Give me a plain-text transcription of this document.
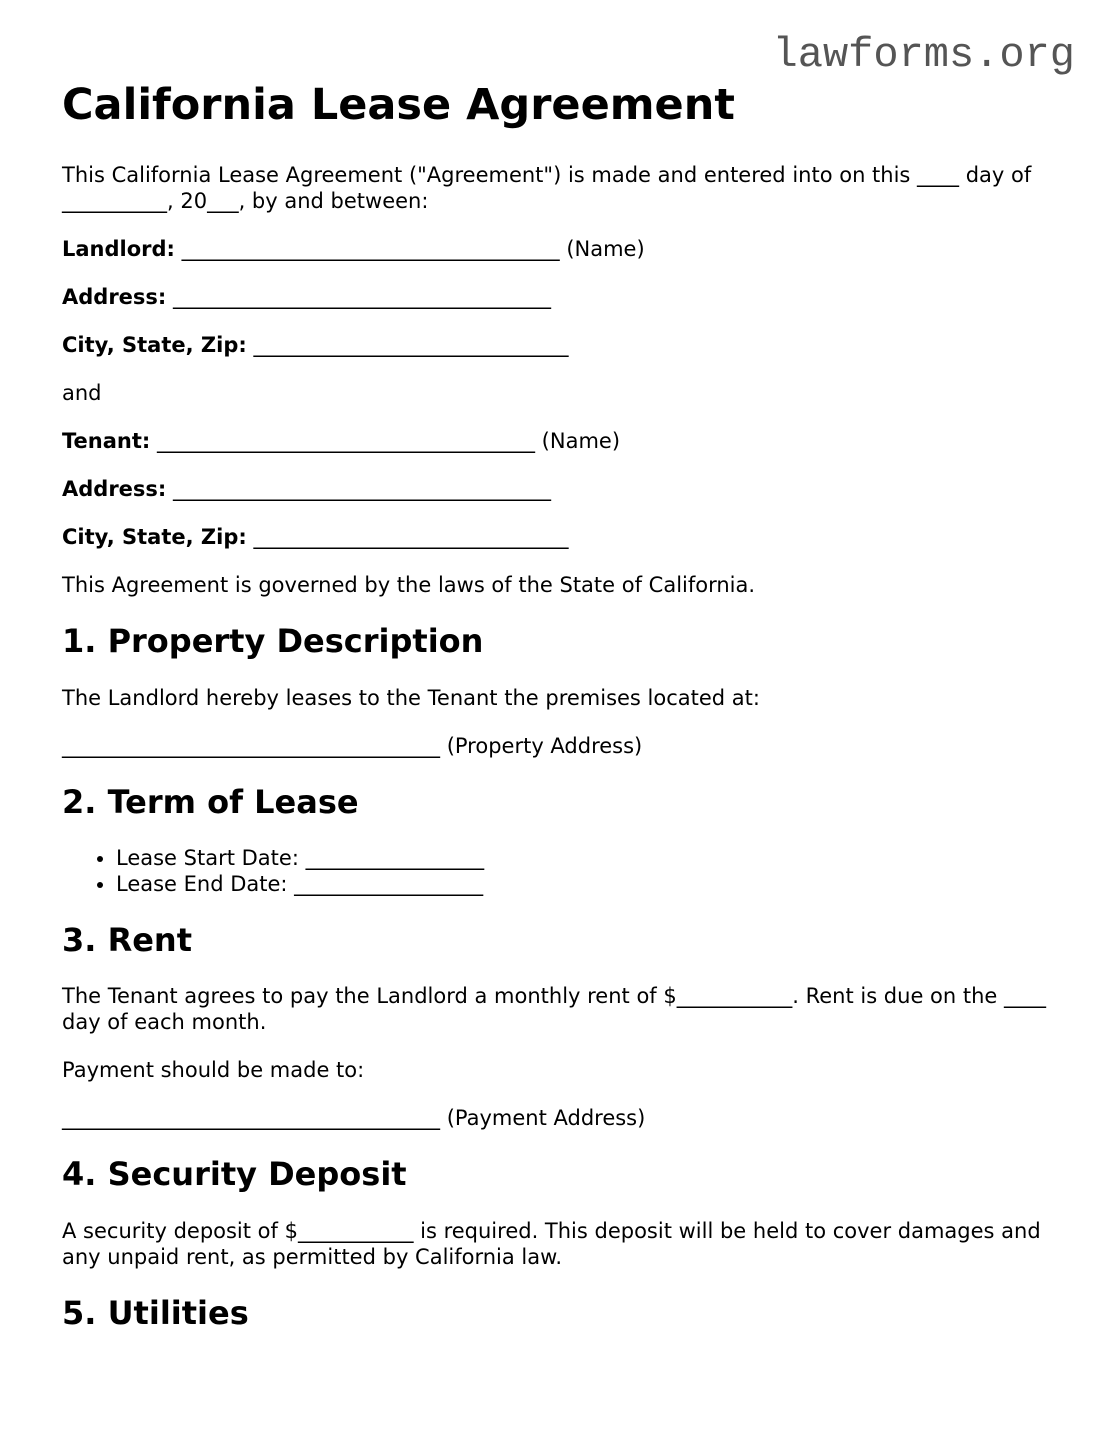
lawforms.org
California Lease Agreement

This California Lease Agreement ("Agreement") is made and entered into on this ____ day of __________, 20___, by and between:

Landlord: ____________________________________ (Name)

Address: ____________________________________

City, State, Zip: ______________________________

and

Tenant: ____________________________________ (Name)

Address: ____________________________________

City, State, Zip: ______________________________

This Agreement is governed by the laws of the State of California.

1. Property Description

The Landlord hereby leases to the Tenant the premises located at:

____________________________________ (Property Address)

2. Term of Lease
• Lease Start Date: _________________
• Lease End Date: __________________
3. Rent

The Tenant agrees to pay the Landlord a monthly rent of $___________. Rent is due on the ____ day of each month.

Payment should be made to:

____________________________________ (Payment Address)

4. Security Deposit

A security deposit of $___________ is required. This deposit will be held to cover damages and any unpaid rent, as permitted by California law.

5. Utilities
